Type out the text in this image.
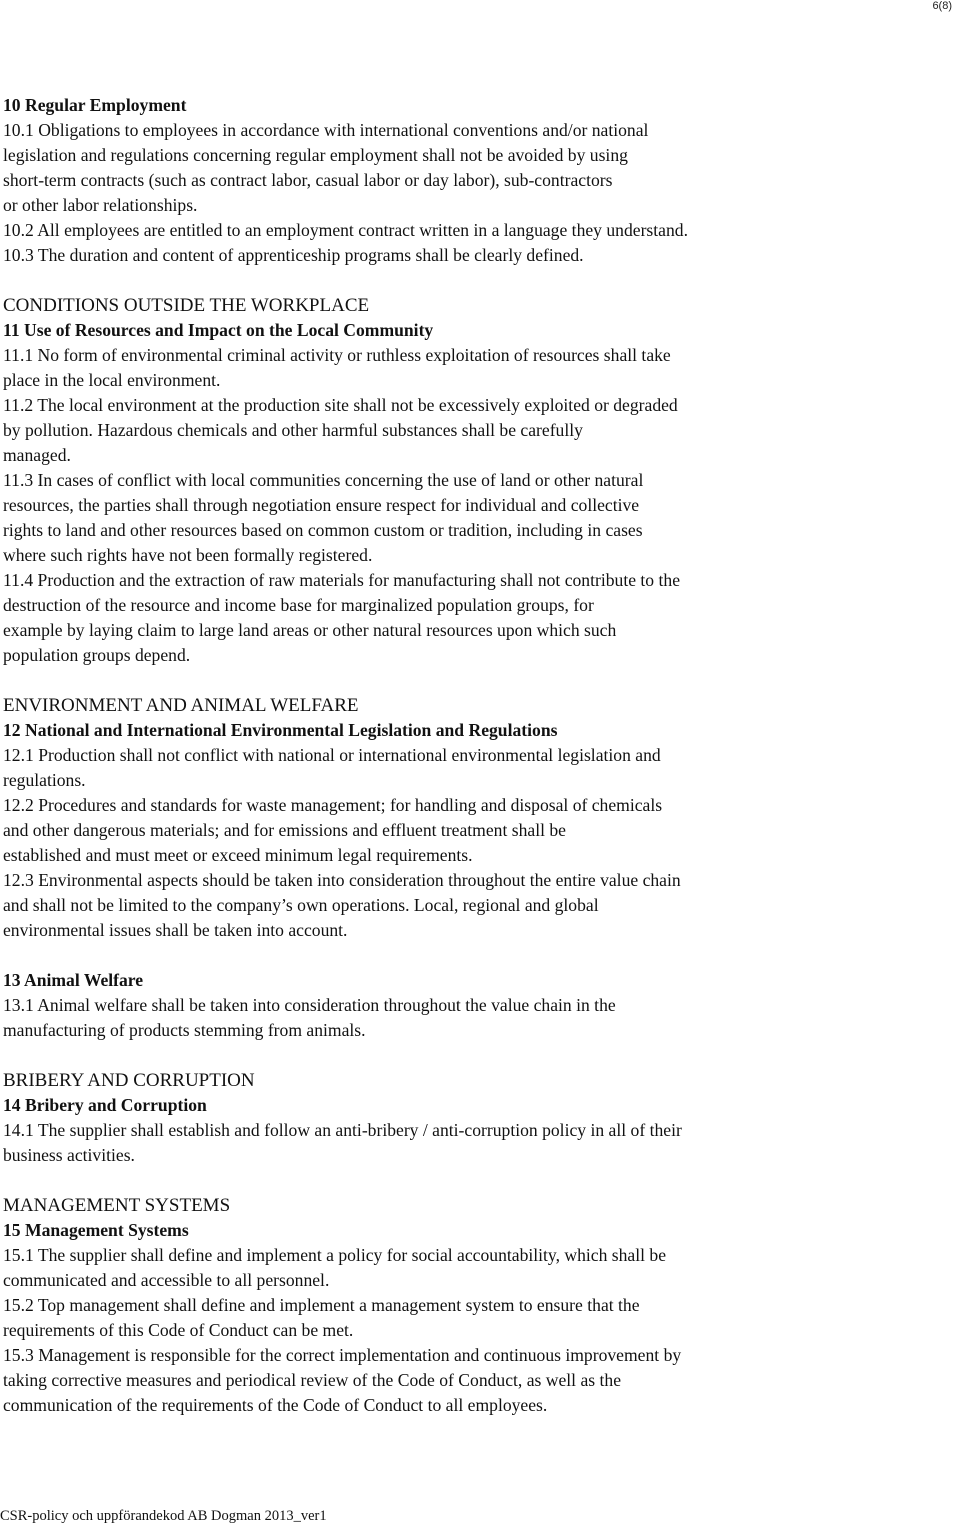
6(8)
10 Regular Employment
10.1 Obligations to employees in accordance with international conventions and/or national
legislation and regulations concerning regular employment shall not be avoided by using
short-term contracts (such as contract labor, casual labor or day labor), sub-contractors
or other labor relationships.
10.2 All employees are entitled to an employment contract written in a language they understand.
10.3 The duration and content of apprenticeship programs shall be clearly defined.
CONDITIONS OUTSIDE THE WORKPLACE
11 Use of Resources and Impact on the Local Community
11.1 No form of environmental criminal activity or ruthless exploitation of resources shall take
place in the local environment.
11.2 The local environment at the production site shall not be excessively exploited or degraded
by pollution. Hazardous chemicals and other harmful substances shall be carefully
managed.
11.3 In cases of conflict with local communities concerning the use of land or other natural
resources, the parties shall through negotiation ensure respect for individual and collective
rights to land and other resources based on common custom or tradition, including in cases
where such rights have not been formally registered.
11.4 Production and the extraction of raw materials for manufacturing shall not contribute to the
destruction of the resource and income base for marginalized population groups, for
example by laying claim to large land areas or other natural resources upon which such
population groups depend.
ENVIRONMENT AND ANIMAL WELFARE
12 National and International Environmental Legislation and Regulations
12.1 Production shall not conflict with national or international environmental legislation and
regulations.
12.2 Procedures and standards for waste management; for handling and disposal of chemicals
and other dangerous materials; and for emissions and effluent treatment shall be
established and must meet or exceed minimum legal requirements.
12.3 Environmental aspects should be taken into consideration throughout the entire value chain
and shall not be limited to the company’s own operations. Local, regional and global
environmental issues shall be taken into account.
13 Animal Welfare
13.1 Animal welfare shall be taken into consideration throughout the value chain in the
manufacturing of products stemming from animals.
BRIBERY AND CORRUPTION
14 Bribery and Corruption
14.1 The supplier shall establish and follow an anti-bribery / anti-corruption policy in all of their
business activities.
MANAGEMENT SYSTEMS
15 Management Systems
15.1 The supplier shall define and implement a policy for social accountability, which shall be
communicated and accessible to all personnel.
15.2 Top management shall define and implement a management system to ensure that the
requirements of this Code of Conduct can be met.
15.3 Management is responsible for the correct implementation and continuous improvement by
taking corrective measures and periodical review of the Code of Conduct, as well as the
communication of the requirements of the Code of Conduct to all employees.
CSR-policy och uppförandekod AB Dogman 2013_ver1
